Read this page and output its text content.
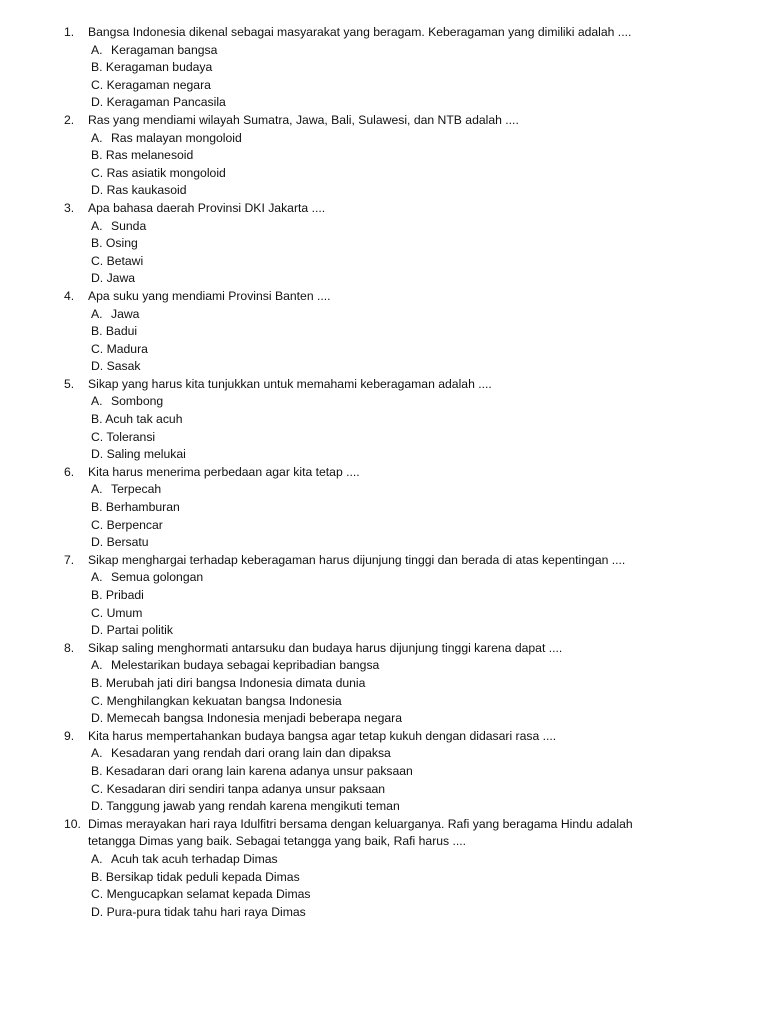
1.	Bangsa Indonesia dikenal sebagai masyarakat yang beragam. Keberagaman yang dimiliki adalah ....
A. Keragaman bangsa
B. Keragaman budaya
C. Keragaman negara
D. Keragaman Pancasila
2.	Ras yang mendiami wilayah Sumatra, Jawa, Bali, Sulawesi, dan NTB adalah ....
A. Ras malayan mongoloid
B. Ras melanesoid
C. Ras asiatik mongoloid
D. Ras kaukasoid
3.	Apa bahasa daerah Provinsi DKI Jakarta ....
A. Sunda
B. Osing
C. Betawi
D. Jawa
4.	Apa suku yang mendiami Provinsi Banten ....
A. Jawa
B. Badui
C. Madura
D. Sasak
5.	Sikap yang harus kita tunjukkan untuk memahami keberagaman adalah ....
A. Sombong
B. Acuh tak acuh
C. Toleransi
D. Saling melukai
6.	Kita harus menerima perbedaan agar kita tetap ....
A. Terpecah
B. Berhamburan
C. Berpencar
D. Bersatu
7.	Sikap menghargai terhadap keberagaman harus dijunjung tinggi dan berada di atas kepentingan ....
A. Semua golongan
B. Pribadi
C. Umum
D. Partai politik
8.	Sikap saling menghormati antarsuku dan budaya harus dijunjung tinggi karena dapat ....
A. Melestarikan budaya sebagai kepribadian bangsa
B. Merubah jati diri bangsa Indonesia dimata dunia
C. Menghilangkan kekuatan bangsa Indonesia
D. Memecah bangsa Indonesia menjadi beberapa negara
9.	Kita harus mempertahankan budaya bangsa agar tetap kukuh dengan didasari rasa ....
A. Kesadaran yang rendah dari orang lain dan dipaksa
B. Kesadaran dari orang lain karena adanya unsur paksaan
C. Kesadaran diri sendiri tanpa adanya unsur paksaan
D. Tanggung jawab yang rendah karena mengikuti teman
10. Dimas merayakan hari raya Idulfitri bersama dengan keluarganya. Rafi yang beragama Hindu adalah tetangga Dimas yang baik. Sebagai tetangga yang baik, Rafi harus ....
A. Acuh tak acuh terhadap Dimas
B. Bersikap tidak peduli kepada Dimas
C. Mengucapkan selamat kepada Dimas
D. Pura-pura tidak tahu hari raya Dimas
